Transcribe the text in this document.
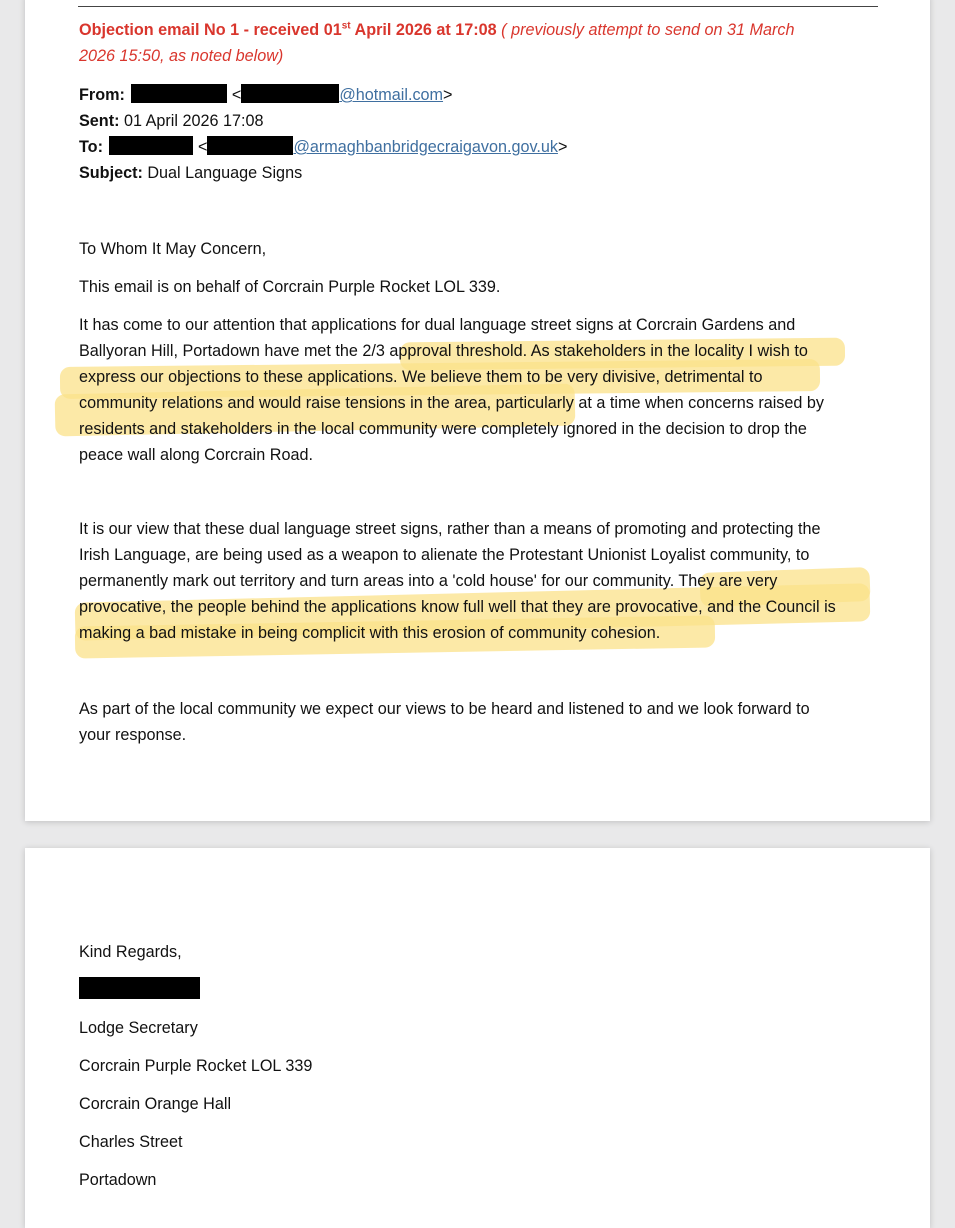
Objection email No 1 - received 01st April 2026 at 17:08 ( previously attempt to send on 31 March
2026 15:50, as noted below)
From:	<	@hotmail.com>
Sent: 01 April 2026 17:08
To:	<	@armaghbanbridgecraigavon.gov.uk>
Subject: Dual Language Signs
To Whom It May Concern,
This email is on behalf of Corcrain Purple Rocket LOL 339.
It has come to our attention that applications for dual language street signs at Corcrain Gardens and
Ballyoran Hill, Portadown have met the 2/3 approval threshold. As stakeholders in the locality I wish to
express our objections to these applications. We believe them to be very divisive, detrimental to
community relations and would raise tensions in the area, particularly at a time when concerns raised by
residents and stakeholders in the local community were completely ignored in the decision to drop the
peace wall along Corcrain Road.
It is our view that these dual language street signs, rather than a means of promoting and protecting the
Irish Language, are being used as a weapon to alienate the Protestant Unionist Loyalist community, to
permanently mark out territory and turn areas into a 'cold house' for our community. They are very
provocative, the people behind the applications know full well that they are provocative, and the Council is
making a bad mistake in being complicit with this erosion of community cohesion.
As part of the local community we expect our views to be heard and listened to and we look forward to
your response.
Kind Regards,
Lodge Secretary
Corcrain Purple Rocket LOL 339
Corcrain Orange Hall
Charles Street
Portadown
